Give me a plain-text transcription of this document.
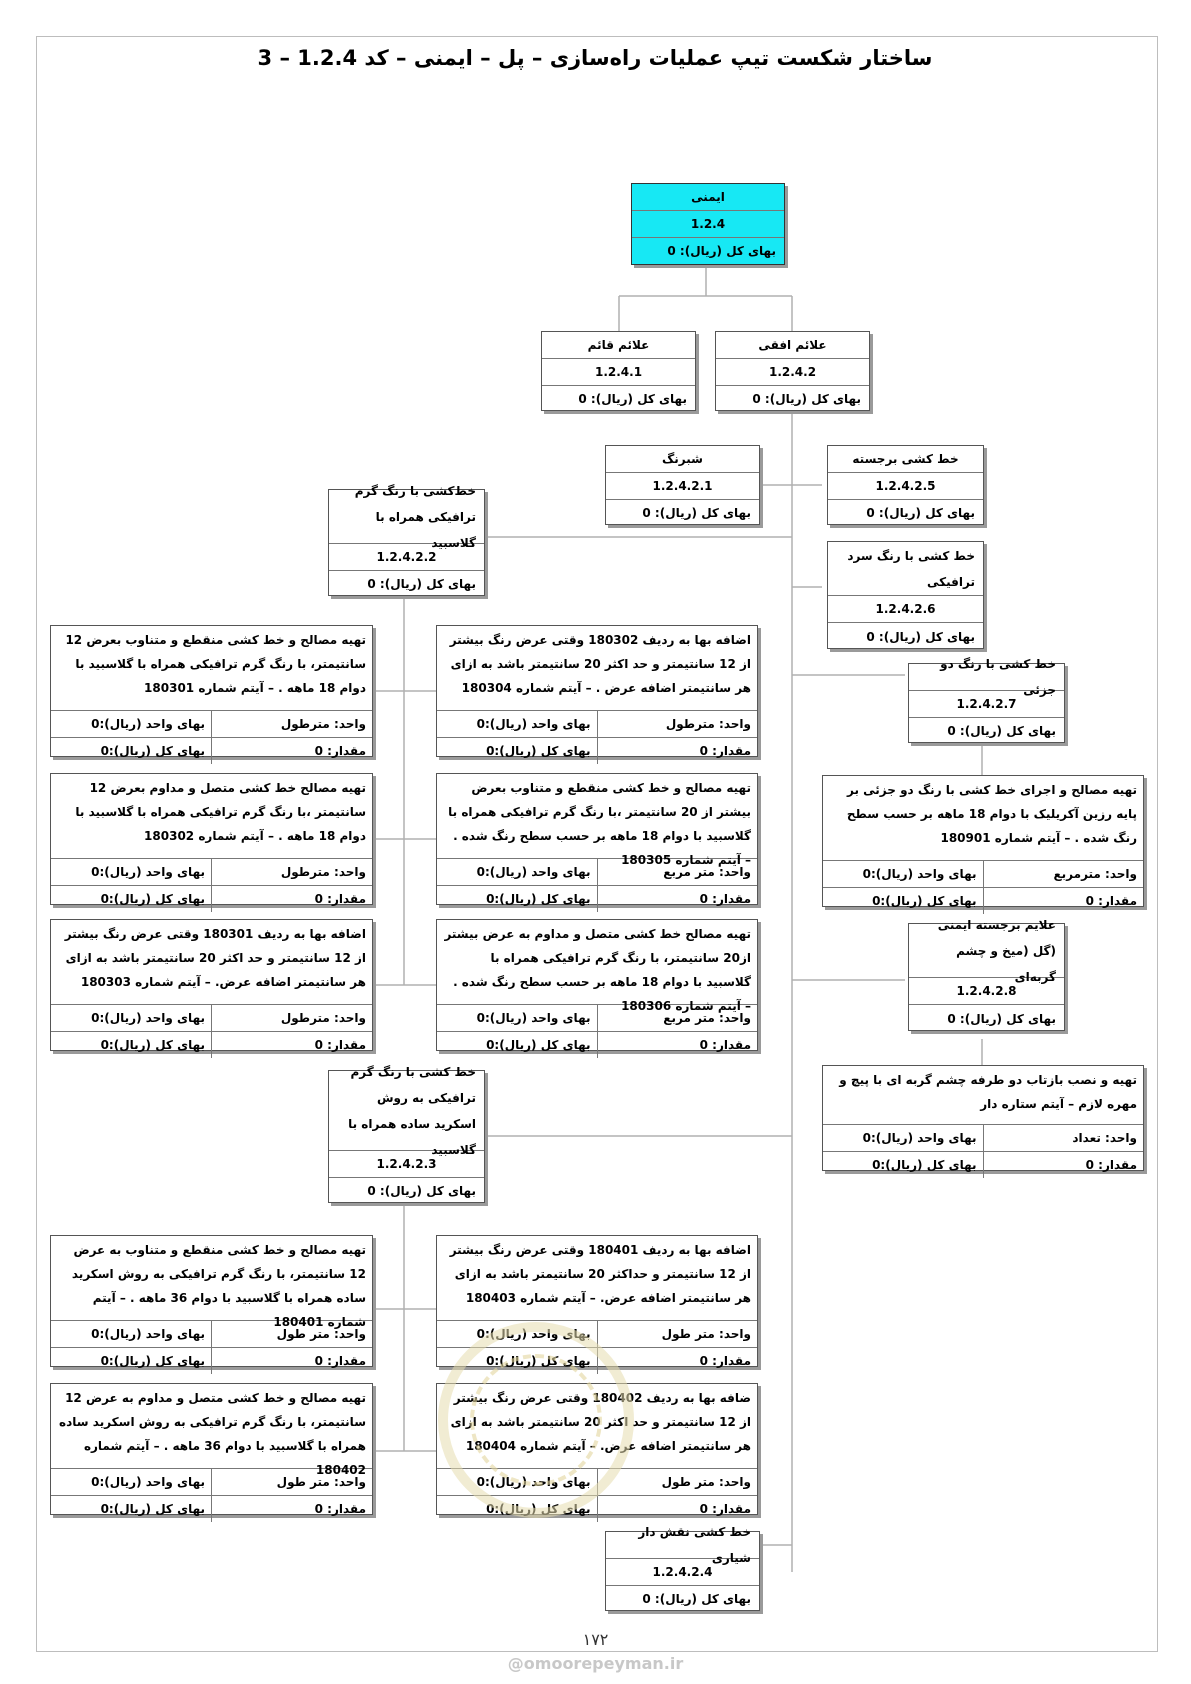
ساختار شکست تیپ عملیات راه‌سازی – پل – ایمنی – کد 1.2.4 – 3
ایمنی
1.2.4
بهای کل (ریال): 0
علائم قائم
1.2.4.1
بهای کل (ریال): 0
علائم افقی
1.2.4.2
بهای کل (ریال): 0
شبرنگ
1.2.4.2.1
بهای کل (ریال): 0
خط کشی برجسته
1.2.4.2.5
بهای کل (ریال): 0
خط‌کشی با رنگ گرم ترافیکی همراه با گلاسبید
1.2.4.2.2
بهای کل (ریال): 0
خط کشی با رنگ سرد ترافیکی
1.2.4.2.6
بهای کل (ریال): 0
خط کشی با رنگ دو جزئی
1.2.4.2.7
بهای کل (ریال): 0
علایم برجسته ایمنی (گل (میخ و چشم گربه‌ای
1.2.4.2.8
بهای کل (ریال): 0
خط کشی با رنگ گرم ترافیکی به روش اسکرید ساده همراه با گلاسبید
1.2.4.2.3
بهای کل (ریال): 0
خط کشی نقش دار شیاری
1.2.4.2.4
بهای کل (ریال): 0
تهیه مصالح و خط کشی منقطع و متناوب بعرض 12 سانتیمتر، با رنگ گرم ترافیکی همراه با گلاسبید با دوام 18 ماهه . – آیتم شماره 180301
واحد: مترطول
بهای واحد (ریال):0
مقدار: 0
بهای کل (ریال):0
اضافه بها به ردیف 180302 وقتی عرض رنگ بیشتر از 12 سانتیمتر و حد اکثر 20 سانتیمتر باشد به ازای هر سانتیمتر اضافه عرض . – آیتم شماره 180304
واحد: مترطول
بهای واحد (ریال):0
مقدار: 0
بهای کل (ریال):0
تهیه مصالح خط کشی متصل و مداوم بعرض 12 سانتیمتر ،با رنگ گرم ترافیکی همراه با گلاسبید با دوام 18 ماهه . – آیتم شماره 180302
واحد: مترطول
بهای واحد (ریال):0
مقدار: 0
بهای کل (ریال):0
تهیه مصالح و خط کشی منقطع و متناوب بعرض بیشتر از 20 سانتیمتر ،با رنگ گرم ترافیکی همراه با گلاسبید با دوام 18 ماهه بر حسب سطح رنگ شده . – آیتم شماره 180305
واحد: متر مربع
بهای واحد (ریال):0
مقدار: 0
بهای کل (ریال):0
اضافه بها به ردیف 180301 وقتی عرض رنگ بیشتر از 12 سانتیمتر و حد اکثر 20 سانتیمتر باشد به ازای هر سانتیمتر اضافه عرض. – آیتم شماره 180303
واحد: مترطول
بهای واحد (ریال):0
مقدار: 0
بهای کل (ریال):0
تهیه مصالح خط کشی متصل و مداوم به عرض بیشتر از20 سانتیمتر، با رنگ گرم ترافیکی همراه با گلاسبید با دوام 18 ماهه بر حسب سطح رنگ شده . – آیتم شماره 180306
واحد: متر مربع
بهای واحد (ریال):0
مقدار: 0
بهای کل (ریال):0
تهیه مصالح و اجرای خط کشی با رنگ دو جزئی بر پایه رزین آکریلیک با دوام 18 ماهه بر حسب سطح رنگ شده . – آیتم شماره 180901
واحد: مترمربع
بهای واحد (ریال):0
مقدار: 0
بهای کل (ریال):0
تهیه و نصب بازتاب دو طرفه چشم گربه ای با پیچ و مهره لازم – آیتم ستاره دار
واحد: تعداد
بهای واحد (ریال):0
مقدار: 0
بهای کل (ریال):0
تهیه مصالح و خط کشی منقطع و متناوب به عرض 12 سانتیمتر، با رنگ گرم ترافیکی به روش اسکرید ساده همراه با گلاسبید با دوام 36 ماهه . – آیتم شماره 180401
واحد: متر طول
بهای واحد (ریال):0
مقدار: 0
بهای کل (ریال):0
اضافه بها به ردیف 180401 وقتی عرض رنگ بیشتر از 12 سانتیمتر و حداکثر 20 سانتیمتر باشد به ازای هر سانتیمتر اضافه عرض. – آیتم شماره 180403
واحد: متر طول
بهای واحد (ریال):0
مقدار: 0
بهای کل (ریال):0
تهیه مصالح و خط کشی متصل و مداوم به عرض 12 سانتیمتر، با رنگ گرم ترافیکی به روش اسکرید ساده همراه با گلاسبید با دوام 36 ماهه . – آیتم شماره 180402
واحد: متر طول
بهای واحد (ریال):0
مقدار: 0
بهای کل (ریال):0
ضافه بها به ردیف 180402 وقتی عرض رنگ بیشتر از 12 سانتیمتر و حد اکثر 20 سانتیمتر باشد به ازای هر سانتیمتر اضافه عرض. – آیتم شماره 180404
واحد: متر طول
بهای واحد (ریال):0
مقدار: 0
بهای کل (ریال):0
۱۷۲
@omoorepeyman.ir
